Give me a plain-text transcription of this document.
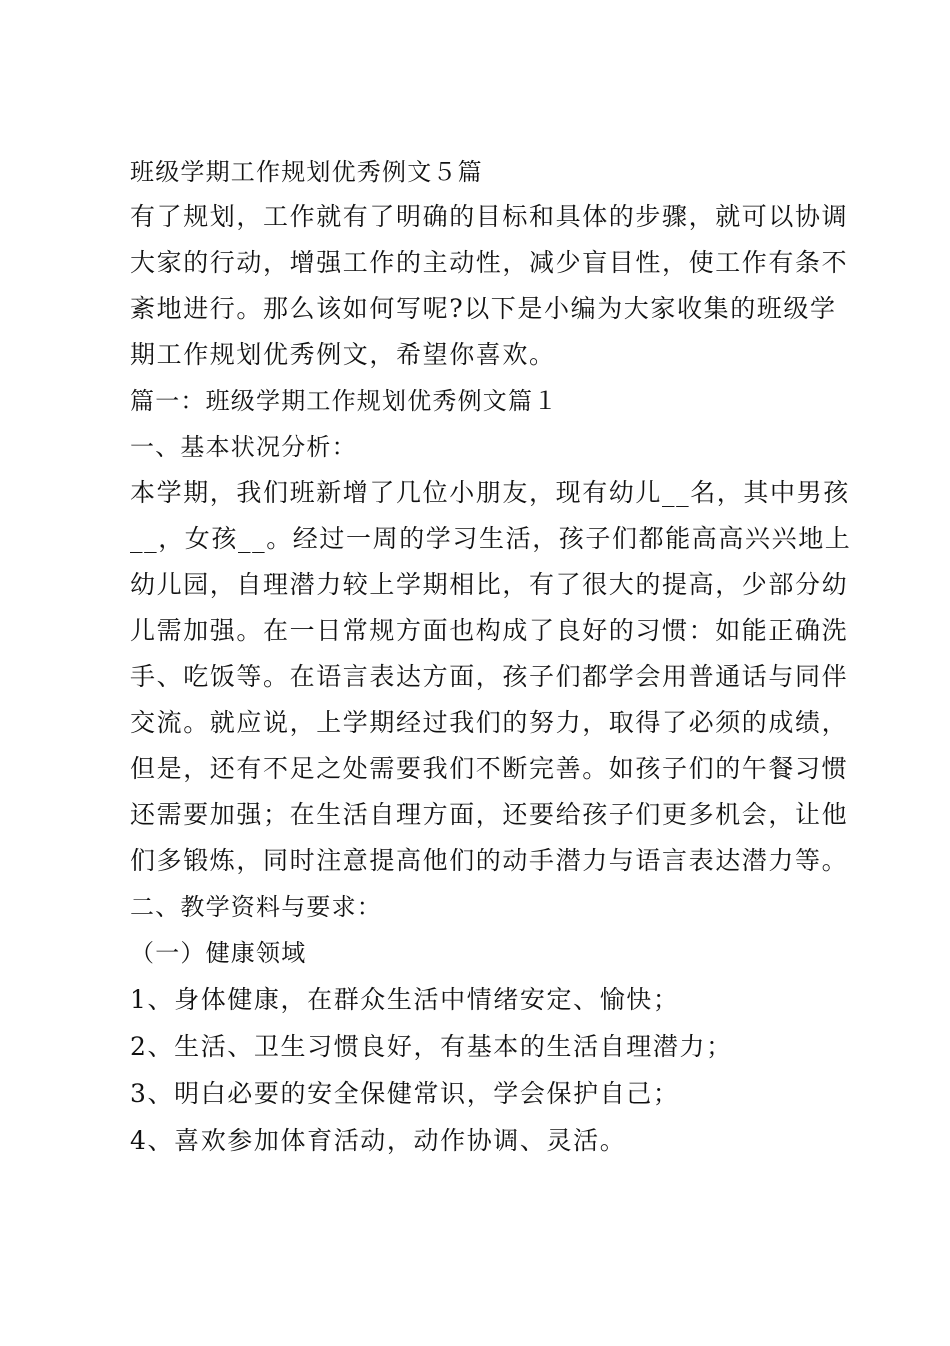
班级学期工作规划优秀例文５篇
有了规划，工作就有了明确的目标和具体的步骤，就可以协调
大家的行动，增强工作的主动性，减少盲目性，使工作有条不
紊地进行。那么该如何写呢?以下是小编为大家收集的班级学
期工作规划优秀例文，希望你喜欢。
篇一：班级学期工作规划优秀例文篇１
一、基本状况分析：
本学期，我们班新增了几位小朋友，现有幼儿__名，其中男孩
__，女孩__。经过一周的学习生活，孩子们都能高高兴兴地上
幼儿园，自理潜力较上学期相比，有了很大的提高，少部分幼
儿需加强。在一日常规方面也构成了良好的习惯：如能正确洗
手、吃饭等。在语言表达方面，孩子们都学会用普通话与同伴
交流。就应说，上学期经过我们的努力，取得了必须的成绩，
但是，还有不足之处需要我们不断完善。如孩子们的午餐习惯
还需要加强；在生活自理方面，还要给孩子们更多机会，让他
们多锻炼，同时注意提高他们的动手潜力与语言表达潜力等。
二、教学资料与要求：
（一）健康领域
1、身体健康，在群众生活中情绪安定、愉快；
2、生活、卫生习惯良好，有基本的生活自理潜力；
3、明白必要的安全保健常识，学会保护自己；
4、喜欢参加体育活动，动作协调、灵活。
